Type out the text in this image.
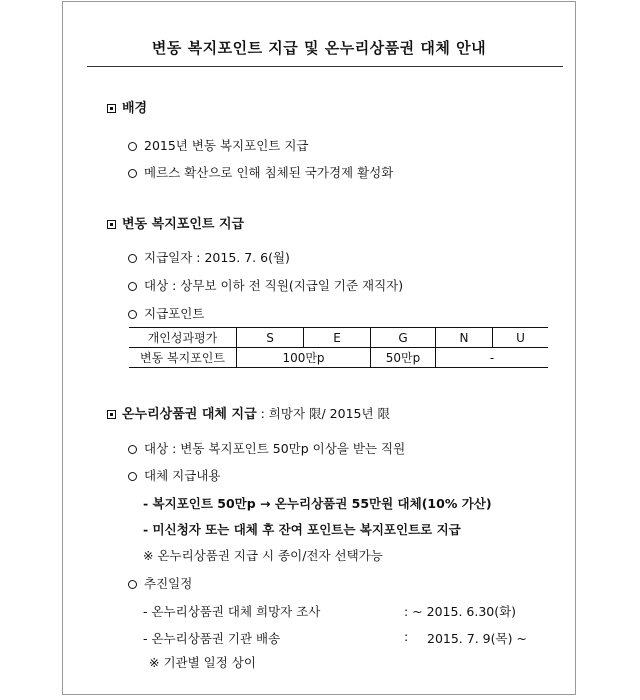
변동 복지포인트 지급 및 온누리상품권 대체 안내
배경
2015년 변동 복지포인트 지급
메르스 확산으로 인해 침체된 국가경제 활성화
변동 복지포인트 지급
지급일자 : 2015. 7. 6(월)
대상 : 상무보 이하 전 직원(지급일 기준 재직자)
지급포인트
개인성과평가	S	E	G	N	U
변동 복지포인트	100만p		50만p	-	
온누리상품권 대체 지급 : 희망자 限/ 2015년 限
대상 : 변동 복지포인트 50만p 이상을 받는 직원
대체 지급내용
- 복지포인트 50만p → 온누리상품권 55만원 대체(10% 가산)
- 미신청자 또는 대체 후 잔여 포인트는 복지포인트로 지급
※ 온누리상품권 지급 시 종이/전자 선택가능
추진일정
- 온누리상품권 대체 희망자 조사	: ~ 2015. 6.30(화)
- 온누리상품권 기관 배송	: 2015. 7. 9(목) ~
※ 기관별 일정 상이
